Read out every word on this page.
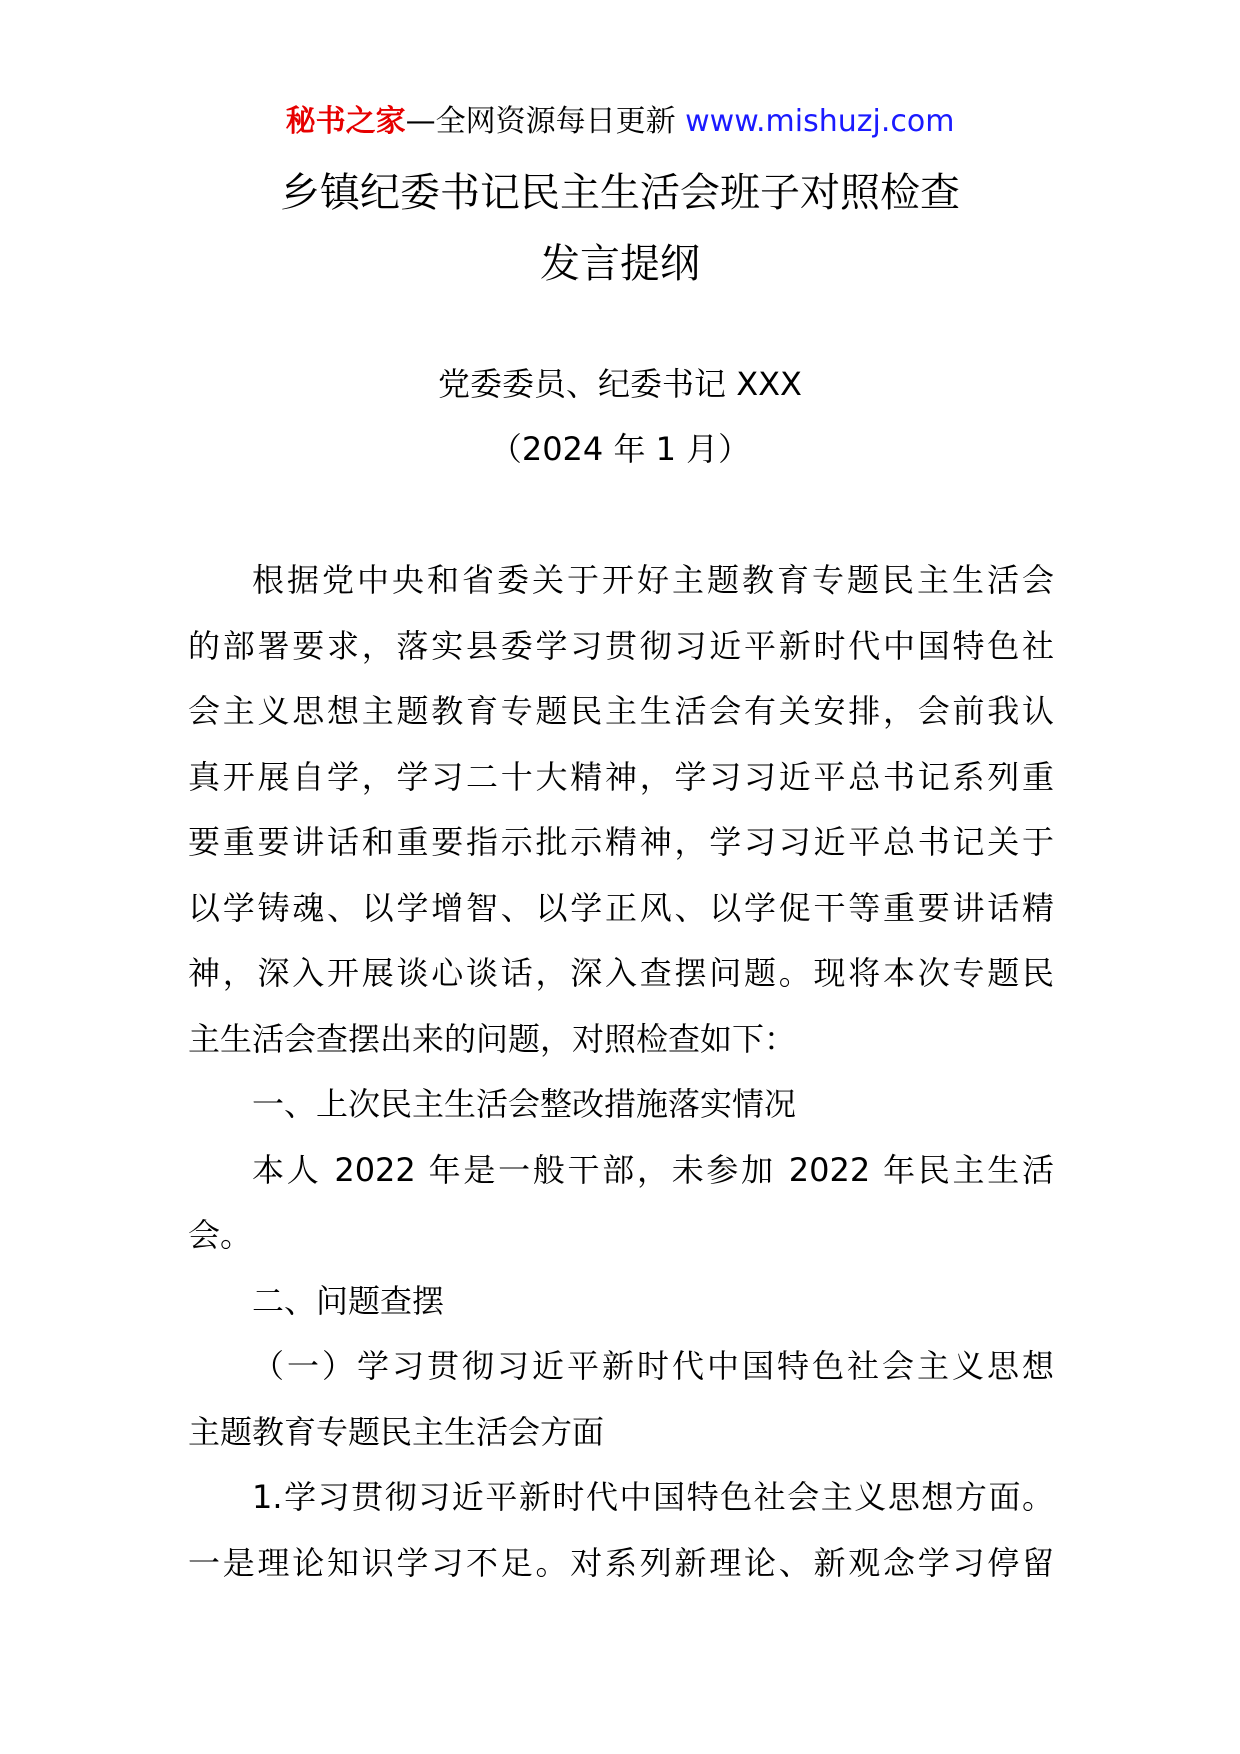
秘书之家—全网资源每日更新 www.mishuzj.com
乡镇纪委书记民主生活会班子对照检查
发言提纲
党委委员、纪委书记 XXX
（2024 年 1 月）
根据党中央和省委关于开好主题教育专题民主生活会
的部署要求，落实县委学习贯彻习近平新时代中国特色社
会主义思想主题教育专题民主生活会有关安排，会前我认
真开展自学，学习二十大精神，学习习近平总书记系列重
要重要讲话和重要指示批示精神，学习习近平总书记关于
以学铸魂、以学增智、以学正风、以学促干等重要讲话精
神，深入开展谈心谈话，深入查摆问题。现将本次专题民
主生活会查摆出来的问题，对照检查如下：
一、上次民主生活会整改措施落实情况
本人 2022 年是一般干部，未参加 2022 年民主生活
会。
二、问题查摆
（一）学习贯彻习近平新时代中国特色社会主义思想
主题教育专题民主生活会方面
1.学习贯彻习近平新时代中国特色社会主义思想方面。
一是理论知识学习不足。对系列新理论、新观念学习停留
